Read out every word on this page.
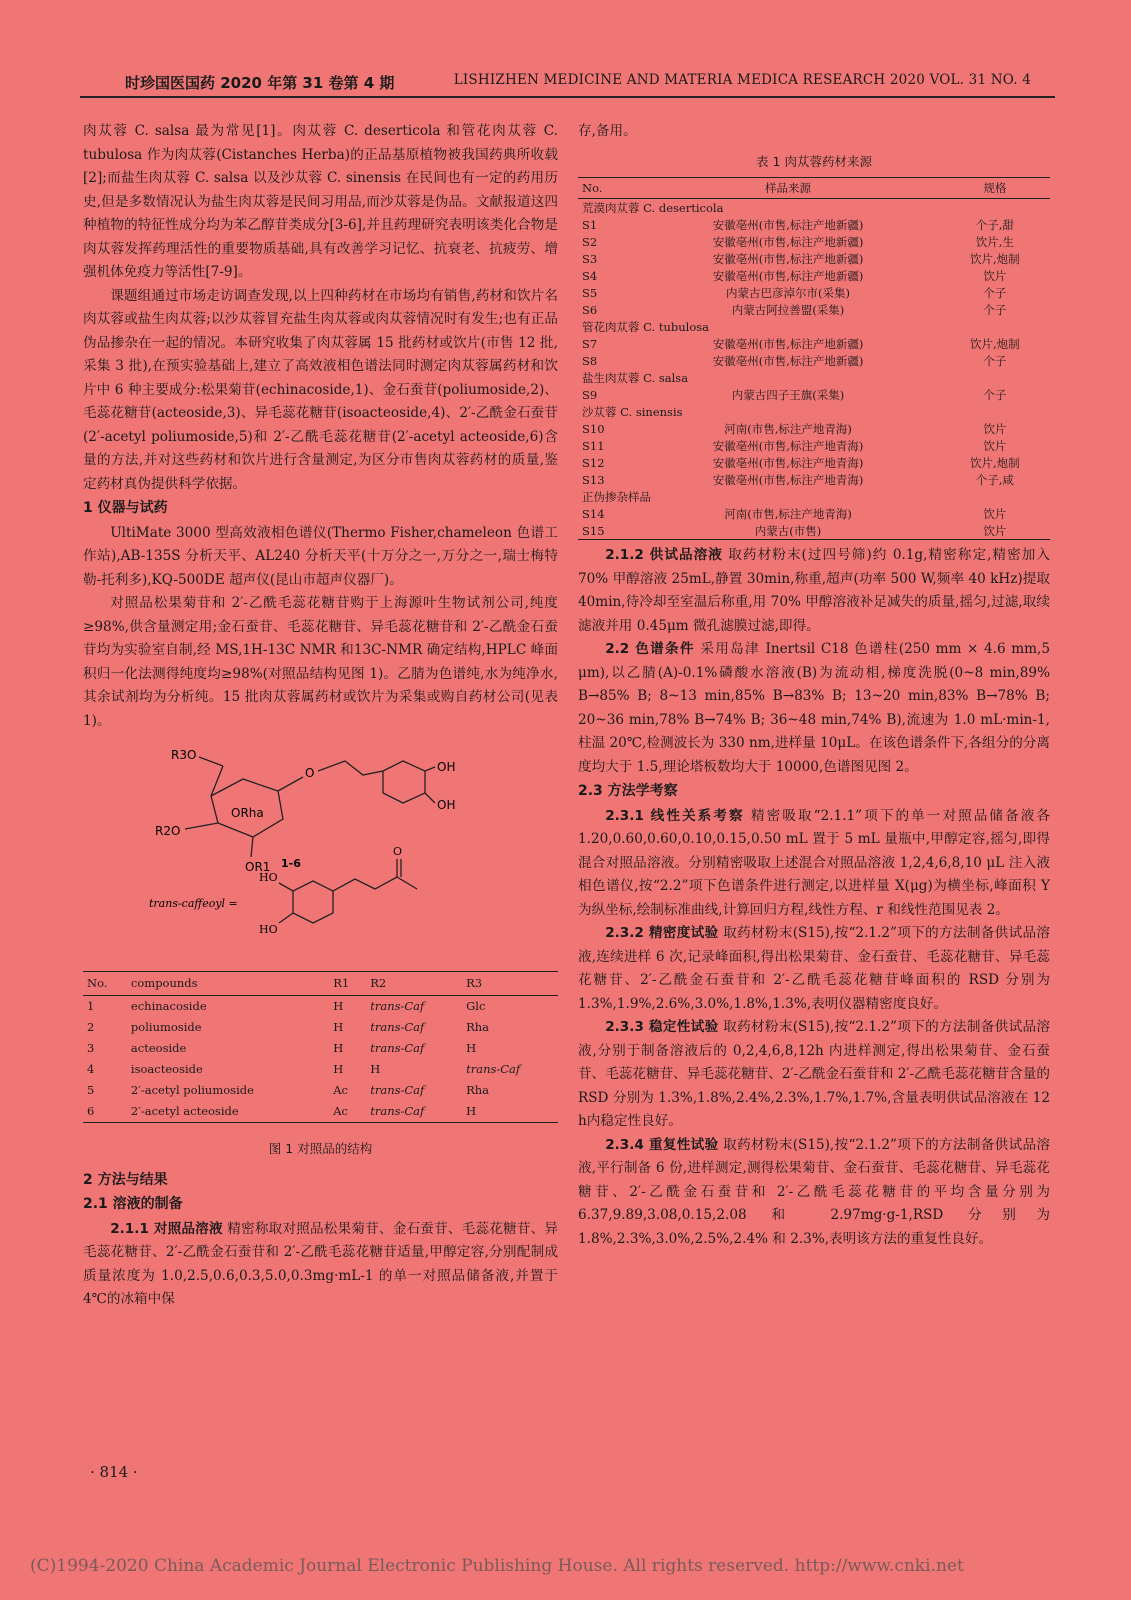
时珍国医国药 2020 年第 31 卷第 4 期	LISHIZHEN MEDICINE AND MATERIA MEDICA RESEARCH 2020 VOL. 31 NO. 4

肉苁蓉 C. salsa 最为常见[1]。肉苁蓉 C. deserticola 和管花肉苁蓉 C. tubulosa 作为肉苁蓉(Cistanches Herba)的正品基原植物被我国药典所收载[2];而盐生肉苁蓉 C. salsa 以及沙苁蓉 C. sinensis 在民间也有一定的药用历史,但是多数情况认为盐生肉苁蓉是民间习用品,而沙苁蓉是伪品。文献报道这四种植物的特征性成分均为苯乙醇苷类成分[3-6],并且药理研究表明该类化合物是肉苁蓉发挥药理活性的重要物质基础,具有改善学习记忆、抗衰老、抗疲劳、增强机体免疫力等活性[7-9]。

课题组通过市场走访调查发现,以上四种药材在市场均有销售,药材和饮片名肉苁蓉或盐生肉苁蓉;以沙苁蓉冒充盐生肉苁蓉或肉苁蓉情况时有发生;也有正品伪品掺杂在一起的情况。本研究收集了肉苁蓉属 15 批药材或饮片(市售 12 批,采集 3 批),在预实验基础上,建立了高效液相色谱法同时测定肉苁蓉属药材和饮片中 6 种主要成分:松果菊苷(echinacoside,1)、金石蚕苷(poliumoside,2)、毛蕊花糖苷(acteoside,3)、异毛蕊花糖苷(isoacteoside,4)、2′-乙酰金石蚕苷(2′-acetyl poliumoside,5)和 2′-乙酰毛蕊花糖苷(2′-acetyl acteoside,6)含量的方法,并对这些药材和饮片进行含量测定,为区分市售肉苁蓉药材的质量,鉴定药材真伪提供科学依据。

1 仪器与试药

UltiMate 3000 型高效液相色谱仪(Thermo Fisher,chameleon 色谱工作站),AB-135S 分析天平、AL240 分析天平(十万分之一,万分之一,瑞士梅特勒-托利多),KQ-500DE 超声仪(昆山市超声仪器厂)。

对照品松果菊苷和 2′-乙酰毛蕊花糖苷购于上海源叶生物试剂公司,纯度≥98%,供含量测定用;金石蚕苷、毛蕊花糖苷、异毛蕊花糖苷和 2′-乙酰金石蚕苷均为实验室自制,经 MS,1H-13C NMR 和13C-NMR 确定结构,HPLC 峰面积归一化法测得纯度均≥98%(对照品结构见图 1)。乙腈为色谱纯,水为纯净水,其余试剂均为分析纯。15 批肉苁蓉属药材或饮片为采集或购自药材公司(见表 1)。

R3O
R2O
ORha
OR1
O	OH
OH
1-6
HO
HO
O
trans-caffeoyl =
No.	compounds	R1	R2	R3
1	echinacoside	H	trans-Caf	Glc
2	poliumoside	H	trans-Caf	Rha
3	acteoside	H	trans-Caf	H
4	isoacteoside	H	H	trans-Caf
5	2′-acetyl poliumoside	Ac	trans-Caf	Rha
6	2′-acetyl acteoside	Ac	trans-Caf	H

图 1 对照品的结构

2 方法与结果

2.1 溶液的制备

2.1.1 对照品溶液 精密称取对照品松果菊苷、金石蚕苷、毛蕊花糖苷、异毛蕊花糖苷、2′-乙酰金石蚕苷和 2′-乙酰毛蕊花糖苷适量,甲醇定容,分别配制成质量浓度为 1.0,2.5,0.6,0.3,5.0,0.3mg·mL-1 的单一对照品储备液,并置于 4℃的冰箱中保

存,备用。

表 1 肉苁蓉药材来源

No.	样品来源	规格
荒漠肉苁蓉 C. deserticola		
S1	安徽亳州(市售,标注产地新疆)	个子,甜
S2	安徽亳州(市售,标注产地新疆)	饮片,生
S3	安徽亳州(市售,标注产地新疆)	饮片,炮制
S4	安徽亳州(市售,标注产地新疆)	饮片
S5	内蒙古巴彦淖尔市(采集)	个子
S6	内蒙古阿拉善盟(采集)	个子
管花肉苁蓉 C. tubulosa		
S7	安徽亳州(市售,标注产地新疆)	饮片,炮制
S8	安徽亳州(市售,标注产地新疆)	个子
盐生肉苁蓉 C. salsa		
S9	内蒙古四子王旗(采集)	个子
沙苁蓉 C. sinensis		
S10	河南(市售,标注产地青海)	饮片
S11	安徽亳州(市售,标注产地青海)	饮片
S12	安徽亳州(市售,标注产地青海)	饮片,炮制
S13	安徽亳州(市售,标注产地青海)	个子,咸
正伪掺杂样品		
S14	河南(市售,标注产地青海)	饮片
S15	内蒙古(市售)	饮片

2.1.2 供试品溶液 取药材粉末(过四号筛)约 0.1g,精密称定,精密加入 70% 甲醇溶液 25mL,静置 30min,称重,超声(功率 500 W,频率 40 kHz)提取 40min,待冷却至室温后称重,用 70% 甲醇溶液补足减失的质量,摇匀,过滤,取续滤液并用 0.45μm 微孔滤膜过滤,即得。

2.2 色谱条件 采用岛津 Inertsil C18 色谱柱(250 mm × 4.6 mm,5 μm),以乙腈(A)-0.1%磷酸水溶液(B)为流动相,梯度洗脱(0~8 min,89% B→85% B; 8~13 min,85% B→83% B; 13~20 min,83% B→78% B; 20~36 min,78% B→74% B; 36~48 min,74% B),流速为 1.0 mL·min-1,柱温 20℃,检测波长为 330 nm,进样量 10μL。在该色谱条件下,各组分的分离度均大于 1.5,理论塔板数均大于 10000,色谱图见图 2。

2.3 方法学考察

2.3.1 线性关系考察 精密吸取“2.1.1”项下的单一对照品储备液各 1.20,0.60,0.60,0.10,0.15,0.50 mL 置于 5 mL 量瓶中,甲醇定容,摇匀,即得混合对照品溶液。分别精密吸取上述混合对照品溶液 1,2,4,6,8,10 μL 注入液相色谱仪,按“2.2”项下色谱条件进行测定,以进样量 X(μg)为横坐标,峰面积 Y 为纵坐标,绘制标准曲线,计算回归方程,线性方程、r 和线性范围见表 2。

2.3.2 精密度试验 取药材粉末(S15),按“2.1.2”项下的方法制备供试品溶液,连续进样 6 次,记录峰面积,得出松果菊苷、金石蚕苷、毛蕊花糖苷、异毛蕊花糖苷、2′-乙酰金石蚕苷和 2′-乙酰毛蕊花糖苷峰面积的 RSD 分别为 1.3%,1.9%,2.6%,3.0%,1.8%,1.3%,表明仪器精密度良好。

2.3.3 稳定性试验 取药材粉末(S15),按“2.1.2”项下的方法制备供试品溶液,分别于制备溶液后的 0,2,4,6,8,12h 内进样测定,得出松果菊苷、金石蚕苷、毛蕊花糖苷、异毛蕊花糖苷、2′-乙酰金石蚕苷和 2′-乙酰毛蕊花糖苷含量的 RSD 分别为 1.3%,1.8%,2.4%,2.3%,1.7%,1.7%,含量表明供试品溶液在 12 h内稳定性良好。

2.3.4 重复性试验 取药材粉末(S15),按“2.1.2”项下的方法制备供试品溶液,平行制备 6 份,进样测定,测得松果菊苷、金石蚕苷、毛蕊花糖苷、异毛蕊花糖苷、2′-乙酰金石蚕苷和 2′-乙酰毛蕊花糖苷的平均含量分别为 6.37,9.89,3.08,0.15,2.08 和 2.97mg·g-1,RSD 分别为 1.8%,2.3%,3.0%,2.5%,2.4% 和 2.3%,表明该方法的重复性良好。

· 814 ·
(C)1994-2020 China Academic Journal Electronic Publishing House. All rights reserved. http://www.cnki.net
